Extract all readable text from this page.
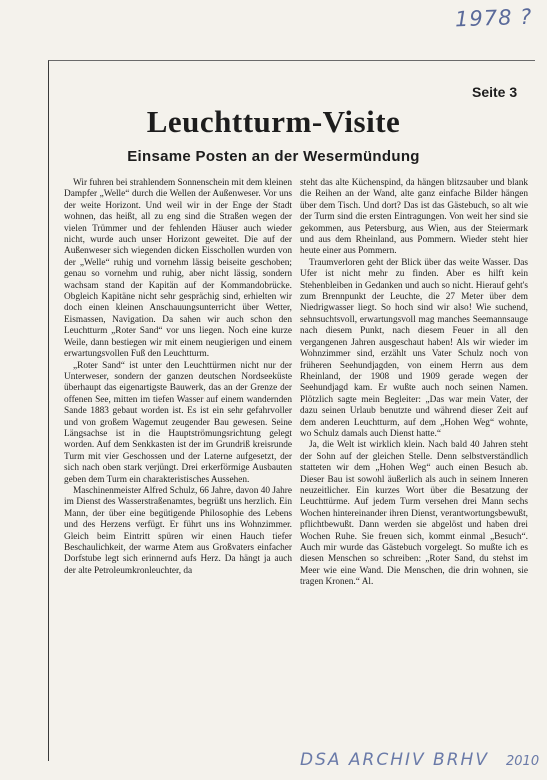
1978 ?
Seite 3
Leuchtturm-Visite
Einsame Posten an der Wesermündung

Wir fuhren bei strahlendem Sonnenschein mit dem kleinen Dampfer „Welle“ durch die Wellen der Außenweser. Vor uns der weite Horizont. Und weil wir in der Enge der Stadt wohnen, das heißt, all zu eng sind die Straßen wegen der vielen Trümmer und der fehlenden Häuser auch wieder nicht, wurde auch unser Horizont geweitet. Die auf der Außenweser sich wiegenden dicken Eisschollen wurden von der „Welle“ ruhig und vornehm lässig beiseite geschoben; genau so vornehm und ruhig, aber nicht lässig, sondern wachsam stand der Kapitän auf der Kommandobrücke. Obgleich Kapitäne nicht sehr gesprächig sind, erhielten wir doch einen kleinen Anschauungsunterricht über Wetter, Eismassen, Navigation. Da sahen wir auch schon den Leuchtturm „Roter Sand“ vor uns liegen. Noch eine kurze Weile, dann bestiegen wir mit einem neugierigen und einem erwartungsvollen Fuß den Leuchtturm.

„Roter Sand“ ist unter den Leuchttürmen nicht nur der Unterweser, sondern der ganzen deutschen Nordseeküste überhaupt das eigenartigste Bauwerk, das an der Grenze der offenen See, mitten im tiefen Wasser auf einem wandernden Sande 1883 gebaut worden ist. Es ist ein sehr gefahrvoller und von großem Wagemut zeugender Bau gewesen. Seine Längsachse ist in die Hauptströmungsrichtung gelegt worden. Auf dem Senkkasten ist der im Grundriß kreisrunde Turm mit vier Geschossen und der Laterne aufgesetzt, der sich nach oben stark verjüngt. Drei erkerförmige Ausbauten geben dem Turm ein charakteristisches Aussehen.

Maschinenmeister Alfred Schulz, 66 Jahre, davon 40 Jahre im Dienst des Wasserstraßenamtes, begrüßt uns herzlich. Ein Mann, der über eine begütigende Philosophie des Lebens und des Herzens verfügt. Er führt uns ins Wohnzimmer. Gleich beim Eintritt spüren wir einen Hauch tiefer Beschaulichkeit, der warme Atem aus Großvaters einfacher Dorfstube legt sich erinnernd aufs Herz. Da hängt ja auch der alte Petroleumkronleuchter, da

steht das alte Küchenspind, da hängen blitzsauber und blank die Reihen an der Wand, alte ganz einfache Bilder hängen über dem Tisch. Und dort? Das ist das Gästebuch, so alt wie der Turm sind die ersten Eintragungen. Von weit her sind sie gekommen, aus Petersburg, aus Wien, aus der Steiermark und aus dem Rheinland, aus Pommern. Wieder steht hier heute einer aus Pommern.

Traumverloren geht der Blick über das weite Wasser. Das Ufer ist nicht mehr zu finden. Aber es hilft kein Stehenbleiben in Gedanken und auch so nicht. Hierauf geht's zum Brennpunkt der Leuchte, die 27 Meter über dem Niedrigwasser liegt. So hoch sind wir also! Wie suchend, sehnsuchtsvoll, erwartungsvoll mag manches Seemannsauge nach diesem Punkt, nach diesem Feuer in all den vergangenen Jahren ausgeschaut haben! Als wir wieder im Wohnzimmer sind, erzählt uns Vater Schulz noch von früheren Seehundjagden, von einem Herrn aus dem Rheinland, der 1908 und 1909 gerade wegen der Seehundjagd kam. Er wußte auch noch seinen Namen. Plötzlich sagte mein Begleiter: „Das war mein Vater, der dazu seinen Urlaub benutzte und während dieser Zeit auf dem anderen Leuchtturm, auf dem „Hohen Weg“ wohnte, wo Schulz damals auch Dienst hatte.“

Ja, die Welt ist wirklich klein. Nach bald 40 Jahren steht der Sohn auf der gleichen Stelle. Denn selbstverständlich statteten wir dem „Hohen Weg“ auch einen Besuch ab. Dieser Bau ist sowohl äußerlich als auch in seinem Inneren neuzeitlicher. Ein kurzes Wort über die Besatzung der Leuchttürme. Auf jedem Turm versehen drei Mann sechs Wochen hintereinander ihren Dienst, verantwortungsbewußt, pflichtbewußt. Dann werden sie abgelöst und haben drei Wochen Ruhe. Sie freuen sich, kommt einmal „Besuch“. Auch mir wurde das Gästebuch vorgelegt. So mußte ich es diesen Menschen so schreiben: „Roter Sand, du stehst im Meer wie eine Wand. Die Menschen, die drin wohnen, sie tragen Kronen.“ Al.

DSA ARCHIV BRHV 2010
